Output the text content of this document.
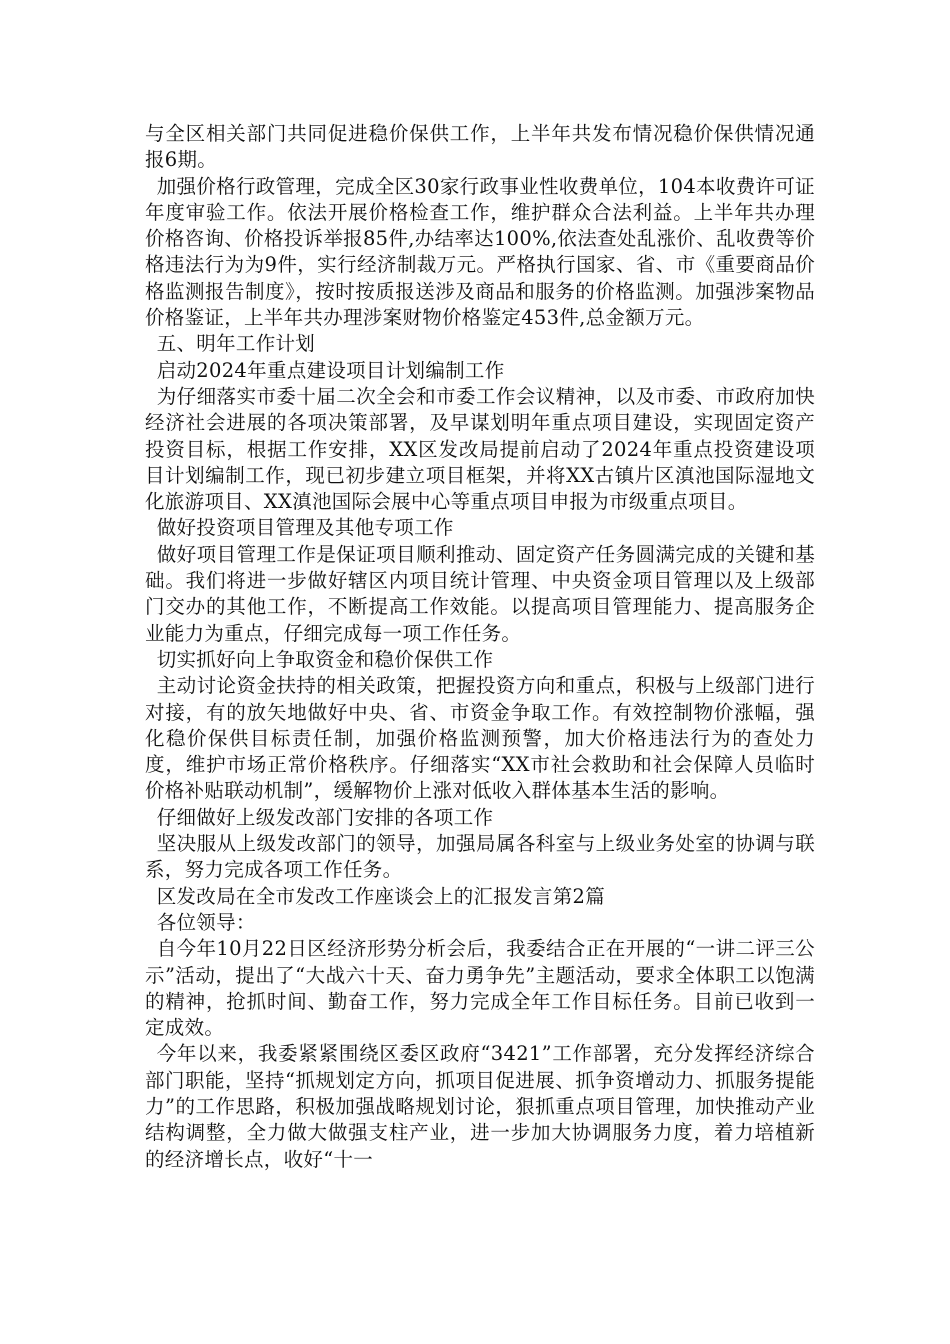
与全区相关部门共同促进稳价保供工作，上半年共发布情况稳价保供情况通报6期。

加强价格行政管理，完成全区30家行政事业性收费单位，104本收费许可证年度审验工作。依法开展价格检查工作，维护群众合法利益。上半年共办理价格咨询、价格投诉举报85件,办结率达100%,依法查处乱涨价、乱收费等价格违法行为为9件，实行经济制裁万元。严格执行国家、省、市《重要商品价格监测报告制度》，按时按质报送涉及商品和服务的价格监测。加强涉案物品价格鉴证，上半年共办理涉案财物价格鉴定453件,总金额万元。

五、明年工作计划

启动2024年重点建设项目计划编制工作

为仔细落实市委十届二次全会和市委工作会议精神，以及市委、市政府加快经济社会进展的各项决策部署，及早谋划明年重点项目建设，实现固定资产投资目标，根据工作安排，XX区发改局提前启动了2024年重点投资建设项目计划编制工作，现已初步建立项目框架，并将XX古镇片区滇池国际湿地文化旅游项目、XX滇池国际会展中心等重点项目申报为市级重点项目。

做好投资项目管理及其他专项工作

做好项目管理工作是保证项目顺利推动、固定资产任务圆满完成的关键和基础。我们将进一步做好辖区内项目统计管理、中央资金项目管理以及上级部门交办的其他工作，不断提高工作效能。以提高项目管理能力、提高服务企业能力为重点，仔细完成每一项工作任务。

切实抓好向上争取资金和稳价保供工作

主动讨论资金扶持的相关政策，把握投资方向和重点，积极与上级部门进行对接，有的放矢地做好中央、省、市资金争取工作。有效控制物价涨幅，强化稳价保供目标责任制，加强价格监测预警，加大价格违法行为的查处力度，维护市场正常价格秩序。仔细落实“XX市社会救助和社会保障人员临时价格补贴联动机制”，缓解物价上涨对低收入群体基本生活的影响。

仔细做好上级发改部门安排的各项工作

坚决服从上级发改部门的领导，加强局属各科室与上级业务处室的协调与联系，努力完成各项工作任务。

区发改局在全市发改工作座谈会上的汇报发言第2篇

各位领导：

自今年10月22日区经济形势分析会后，我委结合正在开展的“一讲二评三公示”活动，提出了“大战六十天、奋力勇争先”主题活动，要求全体职工以饱满的精神，抢抓时间、勤奋工作，努力完成全年工作目标任务。目前已收到一定成效。

今年以来，我委紧紧围绕区委区政府“3421”工作部署，充分发挥经济综合部门职能，坚持“抓规划定方向，抓项目促进展、抓争资增动力、抓服务提能力”的工作思路，积极加强战略规划讨论，狠抓重点项目管理，加快推动产业结构调整，全力做大做强支柱产业，进一步加大协调服务力度，着力培植新的经济增长点，收好“十一
